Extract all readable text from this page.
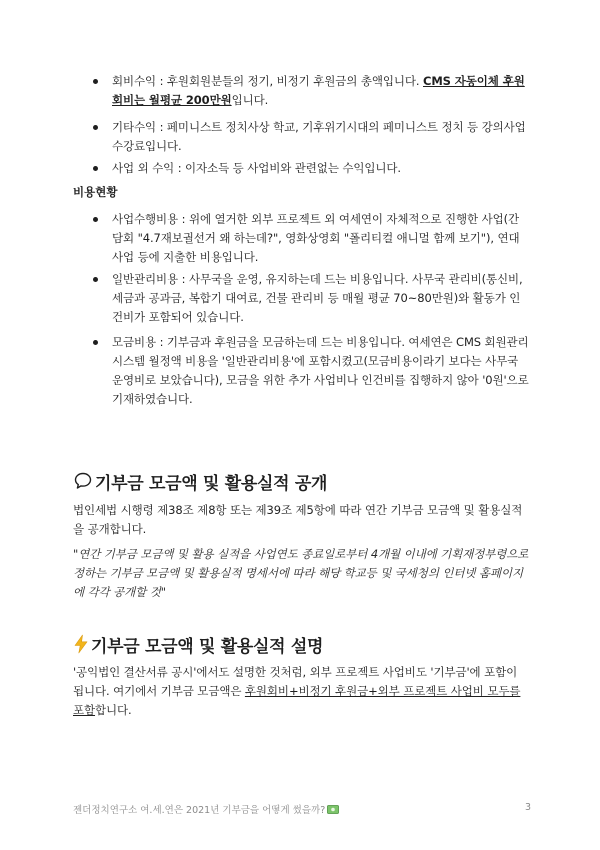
회비수익 : 후원회원분들의 정기, 비정기 후원금의 총액입니다. CMS 자동이체 후원회비는 월평균 200만원입니다.
기타수익 : 페미니스트 정치사상 학교, 기후위기시대의 페미니스트 정치 등 강의사업 수강료입니다.
사업 외 수익 : 이자소득 등 사업비와 관련없는 수익입니다.
비용현황
사업수행비용 : 위에 열거한 외부 프로젝트 외 여세연이 자체적으로 진행한 사업(간담회 "4.7재보궐선거 왜 하는데?", 영화상영회 "폴리티컬 애니멀 함께 보기"), 연대사업 등에 지출한 비용입니다.
일반관리비용 : 사무국을 운영, 유지하는데 드는 비용입니다. 사무국 관리비(통신비, 세금과 공과금, 복합기 대여료, 건물 관리비 등 매월 평균 70~80만원)와 활동가 인건비가 포함되어 있습니다.
모금비용 : 기부금과 후원금을 모금하는데 드는 비용입니다. 여세연은 CMS 회원관리시스템 월정액 비용을 '일반관리비용'에 포함시켰고(모금비용이라기 보다는 사무국 운영비로 보았습니다), 모금을 위한 추가 사업비나 인건비를 집행하지 않아 '0원'으로 기재하였습니다.
기부금 모금액 및 활용실적 공개
법인세법 시행령 제38조 제8항 또는 제39조 제5항에 따라 연간 기부금 모금액 및 활용실적을 공개합니다.
"연간 기부금 모금액 및 활용 실적을 사업연도 종료일로부터 4개월 이내에 기획재정부령으로 정하는 기부금 모금액 및 활용실적 명세서에 따라 해당 학교등 및 국세청의 인터넷 홈페이지에 각각 공개할 것"
기부금 모금액 및 활용실적 설명
'공익법인 결산서류 공시'에서도 설명한 것처럼, 외부 프로젝트 사업비도 '기부금'에 포함이 됩니다. 여기에서 기부금 모금액은 후원회비+비정기 후원금+외부 프로젝트 사업비 모두를 포함합니다.
젠더정치연구소 여.세.연은 2021년 기부금을 어떻게 썼을까?	3
